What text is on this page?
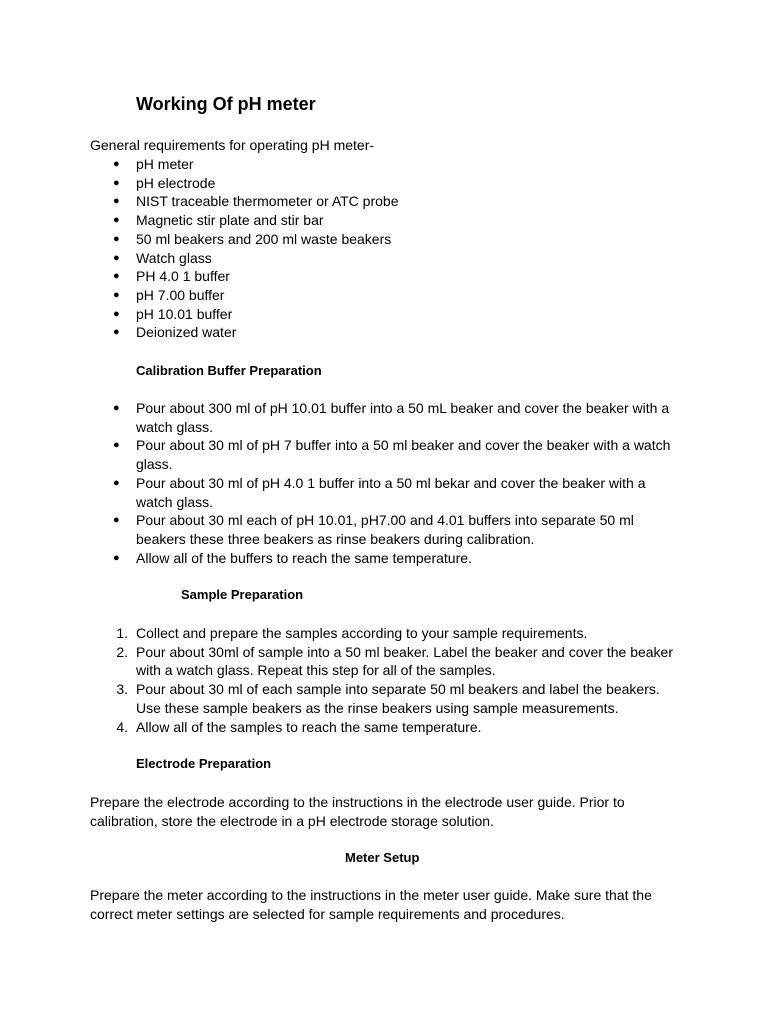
Working Of pH meter
General requirements for operating pH meter-
● pH meter
● pH electrode
● NIST traceable thermometer or ATC probe
● Magnetic stir plate and stir bar
● 50 ml beakers and 200 ml waste beakers
● Watch glass
● PH 4.0 1 buffer
● pH 7.00 buffer
● pH 10.01 buffer
● Deionized water
Calibration Buffer Preparation
● Pour about 300 ml of pH 10.01 buffer into a 50 mL beaker and cover the beaker with a watch glass.
● Pour about 30 ml of pH 7 buffer into a 50 ml beaker and cover the beaker with a watch glass.
● Pour about 30 ml of pH 4.0 1 buffer into a 50 ml bekar and cover the beaker with a watch glass.
● Pour about 30 ml each of pH 10.01, pH7.00 and 4.01 buffers into separate 50 ml beakers these three beakers as rinse beakers during calibration.
● Allow all of the buffers to reach the same temperature.
Sample Preparation
1. Collect and prepare the samples according to your sample requirements.
2. Pour about 30ml of sample into a 50 ml beaker. Label the beaker and cover the beaker with a watch glass. Repeat this step for all of the samples.
3. Pour about 30 ml of each sample into separate 50 ml beakers and label the beakers. Use these sample beakers as the rinse beakers using sample measurements.
4. Allow all of the samples to reach the same temperature.
Electrode Preparation
Prepare the electrode according to the instructions in the electrode user guide. Prior to calibration, store the electrode in a pH electrode storage solution.
Meter Setup
Prepare the meter according to the instructions in the meter user guide. Make sure that the correct meter settings are selected for sample requirements and procedures.
